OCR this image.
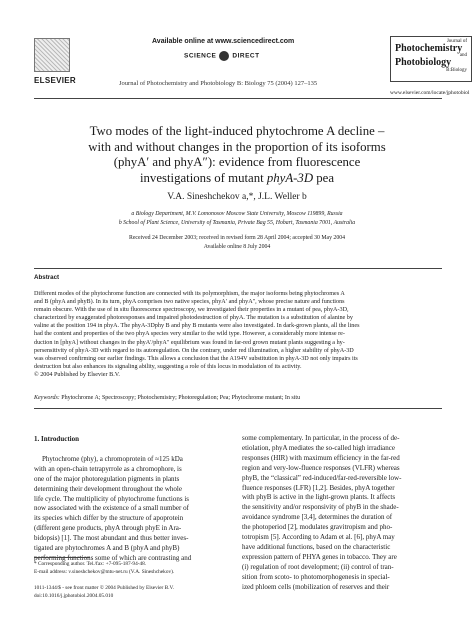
ELSEVIER
Available online at www.sciencedirect.com
SCIENCE DIRECT
Journal of Photochemistry and Photobiology B: Biology 75 (2004) 127–135
Journal of
Photochemistry
and
Photobiology
B:Biology
www.elsevier.com/locate/jphotobiol
Two modes of the light-induced phytochrome A decline –
with and without changes in the proportion of its isoforms
(phyA′ and phyA″): evidence from fluorescence
investigations of mutant phyA-3D pea
V.A. Sineshchekov a,*, J.L. Weller b
a Biology Department, M.V. Lomonosov Moscow State University, Moscow 119899, Russia
b School of Plant Science, University of Tasmania, Private Bag 55, Hobart, Tasmania 7001, Australia
Received 24 December 2003; received in revised form 28 April 2004; accepted 30 May 2004
Available online 8 July 2004
Abstract
Different modes of the phytochrome function are connected with its polymorphism, the major isoforms being phytochromes A
and B (phyA and phyB). In its turn, phyA comprises two native species, phyA′ and phyA″, whose precise nature and functions
remain obscure. With the use of in situ fluorescence spectroscopy, we investigated their properties in a mutant of pea, phyA-3D,
characterized by exaggerated photoresponses and impaired photodestruction of phyA. The mutation is a substitution of alanine by
valine at the position 194 in phyA. The phyA-3Dphy B and phy B mutants were also investigated. In dark-grown plants, all the lines
had the content and properties of the two phyA species very similar to the wild type. However, a considerably more intense re-
duction in [phyA] without changes in the phyA′/phyA″ equilibrium was found in far-red grown mutant plants suggesting a hy-
persensitivity of phyA-3D with regard to its autoregulation. On the contrary, under red illumination, a higher stability of phyA-3D
was observed confirming our earlier findings. This allows a conclusion that the A194V substitution in phyA-3D not only impairs its
destruction but also enhances its signaling ability, suggesting a role of this locus in modulation of its activity.
© 2004 Published by Elsevier B.V.
Keywords: Phytochrome A; Spectroscopy; Photochemistry; Photoregulation; Pea; Phytochrome mutant; In situ
1. Introduction
Phytochrome (phy), a chromoprotein of ≈125 kDa
with an open-chain tetrapyrrole as a chromophore, is
one of the major photoregulation pigments in plants
determining their development throughout the whole
life cycle. The multiplicity of phytochrome functions is
now associated with the existence of a small number of
its species which differ by the structure of apoprotein
(different gene products, phyA through phyE in Ara-
bidopsis) [1]. The most abundant and thus better inves-
tigated are phytochromes A and B (phyA and phyB)
performing functions some of which are contrasting and
* Corresponding author. Tel./fax: +7-095-187-94-48.
E-mail address: v.sineshchekov@mtu-net.ru (V.A. Sineshchekov).
1011-1344/$ - see front matter © 2004 Published by Elsevier B.V.
doi:10.1016/j.jphotobiol.2004.05.010
some complementary. In particular, in the process of de-
etiolation, phyA mediates the so-called high irradiance
responses (HIR) with maximum efficiency in the far-red
region and very-low-fluence responses (VLFR) whereas
phyB, the “classical” red-induced/far-red-reversible low-
fluence responses (LFR) [1,2]. Besides, phyA together
with phyB is active in the light-grown plants. It affects
the sensitivity and/or responsivity of phyB in the shade-
avoidance syndrome [3,4], determines the duration of
the photoperiod [2], modulates gravitropism and pho-
totropism [5]. According to Adam et al. [6], phyA may
have additional functions, based on the characteristic
expression pattern of PHYA genes in tobacco. They are
(i) regulation of root development; (ii) control of tran-
sition from scoto- to photomorphogenesis in special-
ized phloem cells (mobilization of reserves and their
